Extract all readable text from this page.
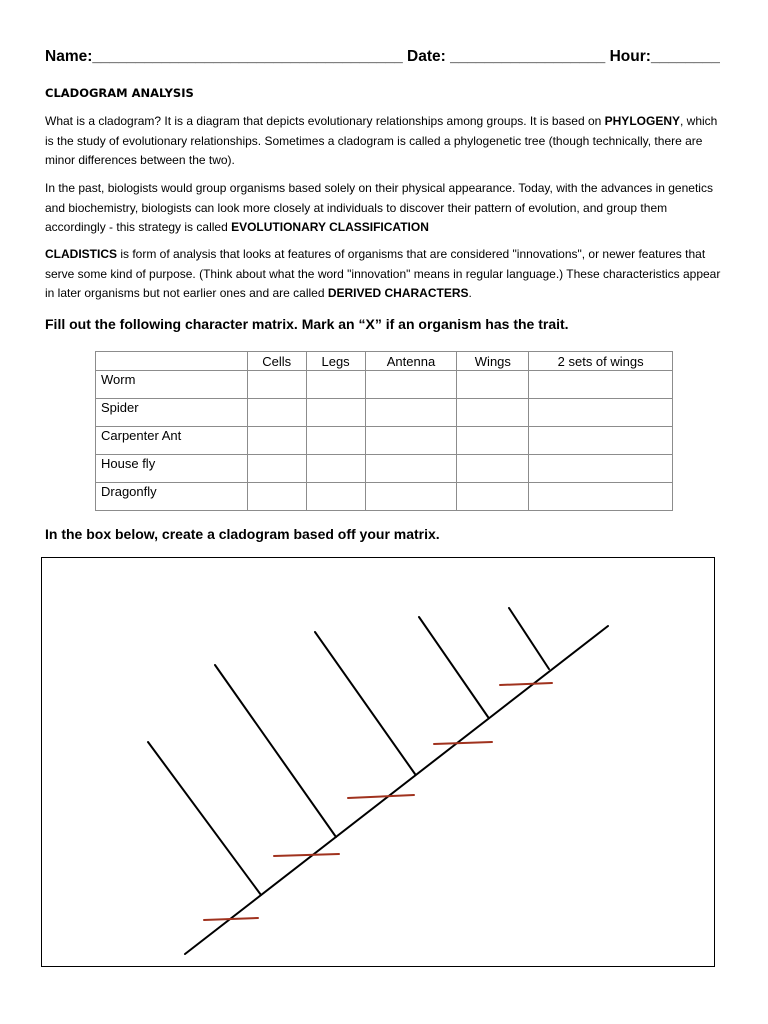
Name:____________________________________ Date: __________________ Hour:________
CLADOGRAM ANALYSIS
What is a cladogram? It is a diagram that depicts evolutionary relationships among groups. It is based on PHYLOGENY, which is the study of evolutionary relationships. Sometimes a cladogram is called a phylogenetic tree (though technically, there are minor differences between the two).
In the past, biologists would group organisms based solely on their physical appearance. Today, with the advances in genetics and biochemistry, biologists can look more closely at individuals to discover their pattern of evolution, and group them accordingly - this strategy is called EVOLUTIONARY CLASSIFICATION
CLADISTICS is form of analysis that looks at features of organisms that are considered "innovations", or newer features that serve some kind of purpose. (Think about what the word "innovation" means in regular language.) These characteristics appear in later organisms but not earlier ones and are called DERIVED CHARACTERS.
Fill out the following character matrix. Mark an “X” if an organism has the trait.
	Cells	Legs	Antenna	Wings	2 sets of wings
Worm					
Spider					
Carpenter Ant					
House fly					
Dragonfly					
In the box below, create a cladogram based off your matrix.
